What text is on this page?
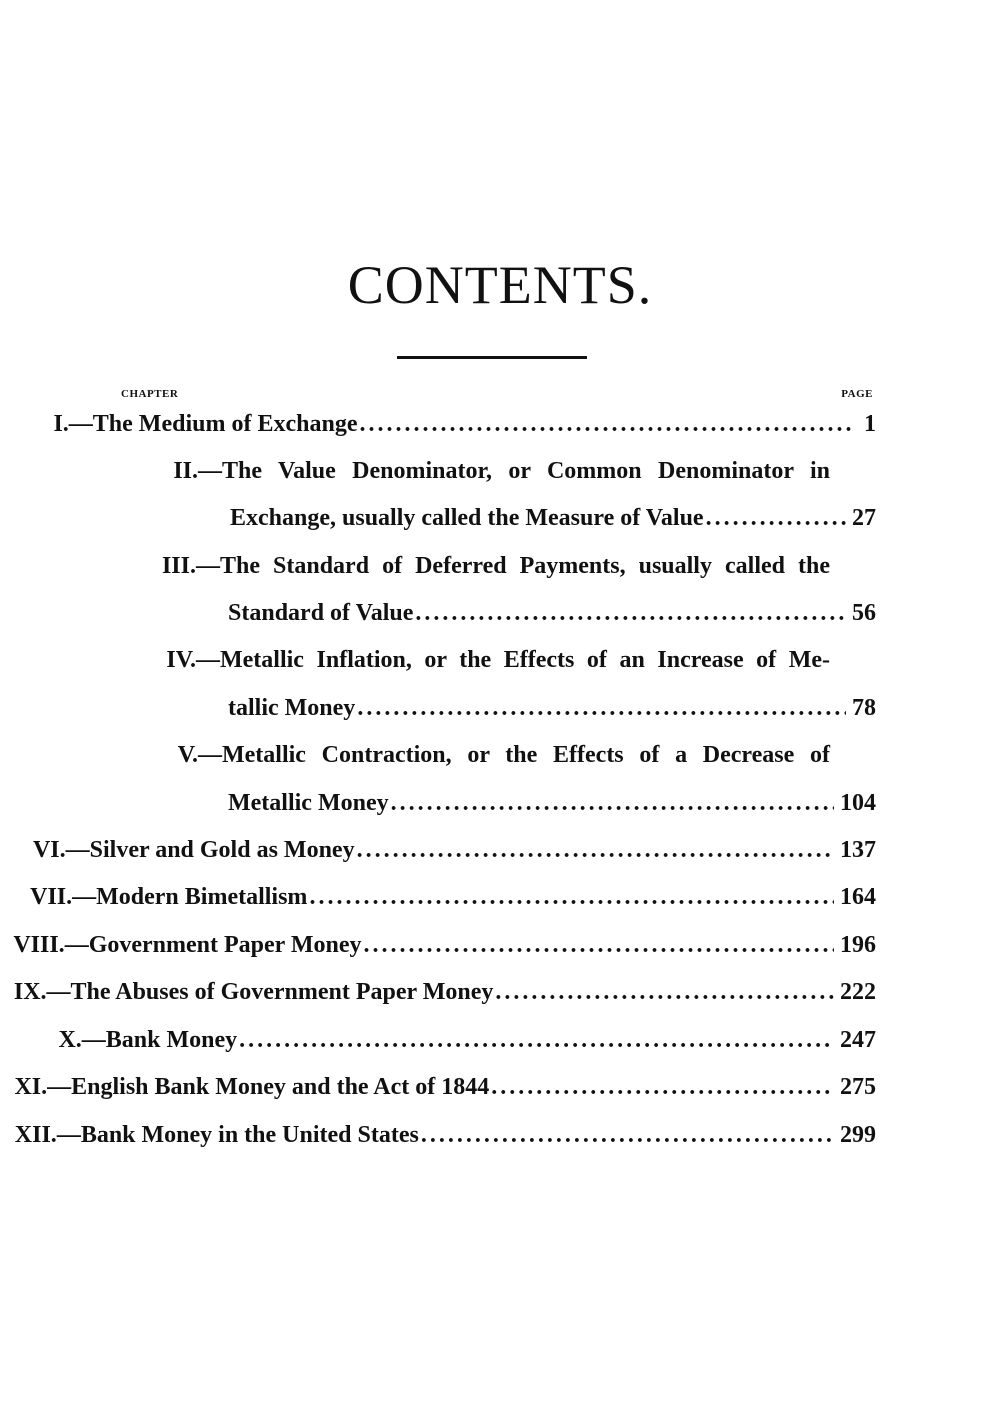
CONTENTS.
CHAPTER	PAGE
I. —The Medium of Exchange .....	1
II. —The Value Denominator, or Common Denominator in
Exchange, usually called the Measure of Value .....	27
III. —The Standard of Deferred Payments, usually called the
Standard of Value .....	56
IV. —Metallic Inflation, or the Effects of an Increase of Me-
tallic Money .....	78
V. —Metallic Contraction, or the Effects of a Decrease of
Metallic Money .....	104
VI. —Silver and Gold as Money .....	137
VII. —Modern Bimetallism .....	164
VIII. —Government Paper Money .....	196
IX. —The Abuses of Government Paper Money .....	222
X. —Bank Money .....	247
XI. —English Bank Money and the Act of 1844 .....	275
XII. —Bank Money in the United States .....	299
